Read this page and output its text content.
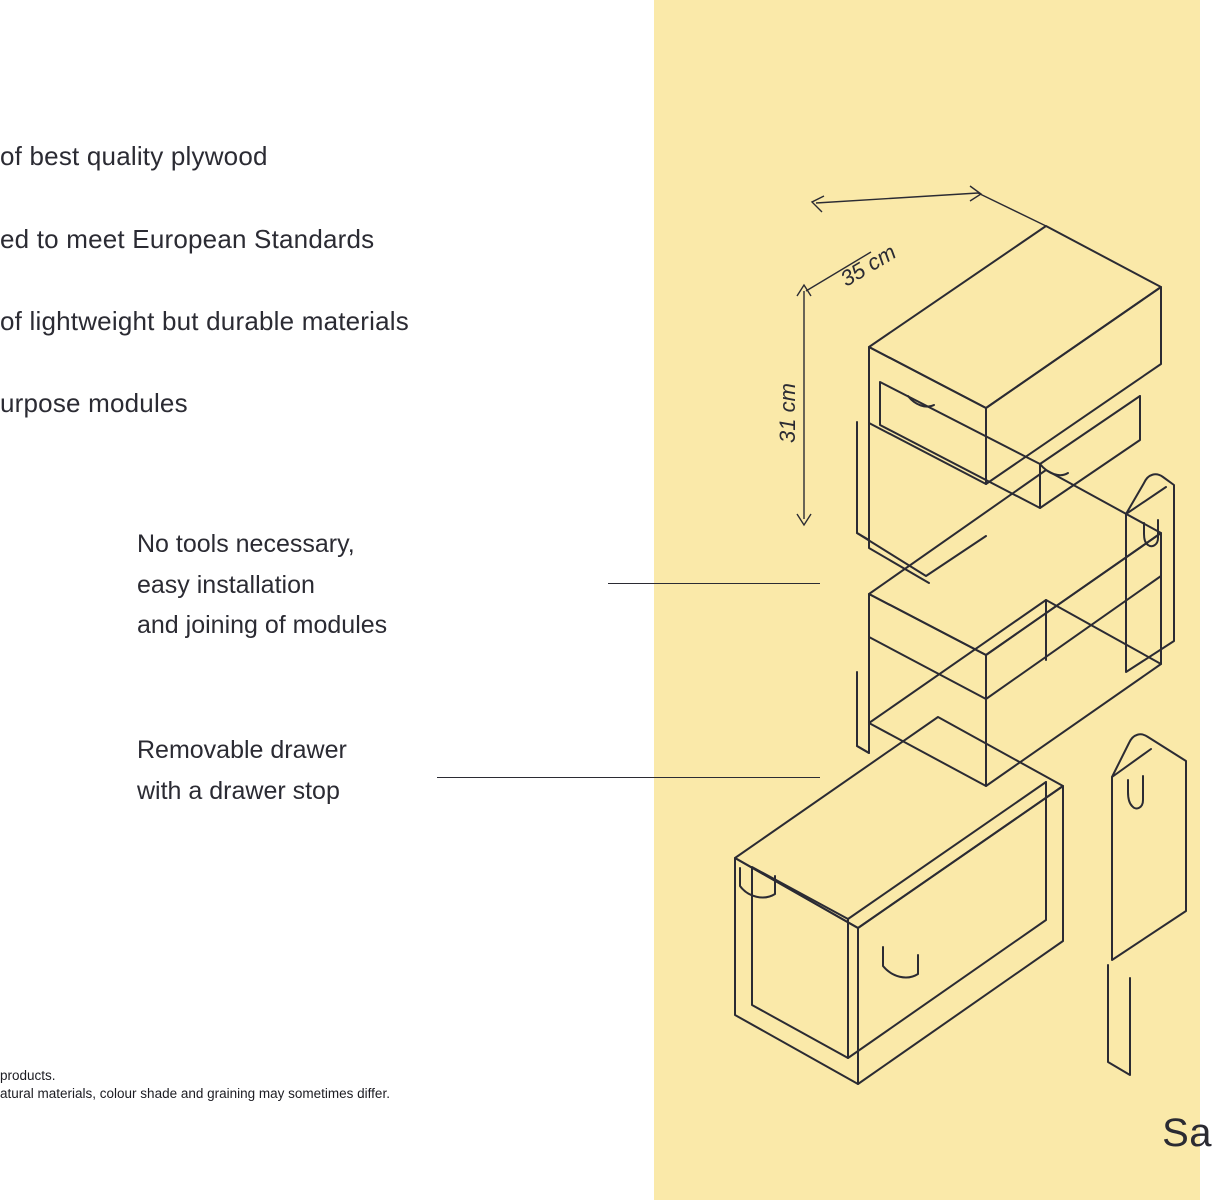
of best quality plywood
ed to meet European Standards
of lightweight but durable materials
urpose modules
No tools necessary,
easy installation
and joining of modules
Removable drawer
with a drawer stop
35 cm
31 cm
products.
atural materials, colour shade and graining may sometimes differ.
Sa
